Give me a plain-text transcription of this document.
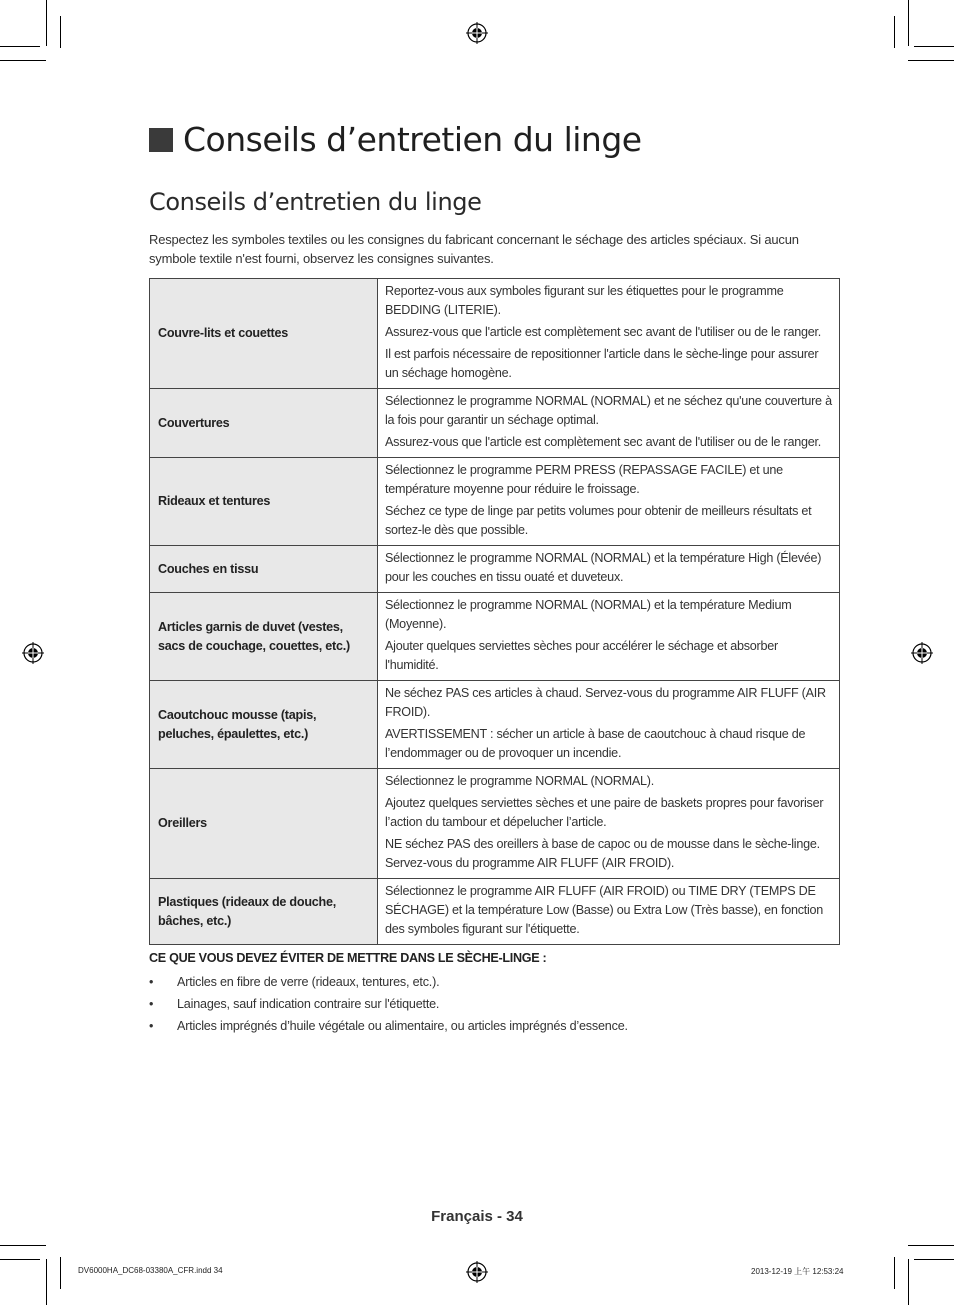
Conseils d’entretien du linge
Conseils d’entretien du linge

Respectez les symboles textiles ou les consignes du fabricant concernant le séchage des articles spéciaux. Si aucun symbole textile n'est fourni, observez les consignes suivantes.

Couvre-lits et couettes	Reportez-vous aux symboles figurant sur les étiquettes pour le programme BEDDING (LITERIE).

Assurez-vous que l'article est complètement sec avant de l'utiliser ou de le ranger.

Il est parfois nécessaire de repositionner l'article dans le sèche-linge pour assurer un séchage homogène.

Couvertures	Sélectionnez le programme NORMAL (NORMAL) et ne séchez qu'une couverture à la fois pour garantir un séchage optimal.

Assurez-vous que l'article est complètement sec avant de l'utiliser ou de le ranger.

Rideaux et tentures	Sélectionnez le programme PERM PRESS (REPASSAGE FACILE) et une température moyenne pour réduire le froissage.

Séchez ce type de linge par petits volumes pour obtenir de meilleurs résultats et sortez-le dès que possible.

Couches en tissu	Sélectionnez le programme NORMAL (NORMAL) et la température High (Élevée) pour les couches en tissu ouaté et duveteux.

Articles garnis de duvet (vestes, sacs de couchage, couettes, etc.)	Sélectionnez le programme NORMAL (NORMAL) et la température Medium (Moyenne).

Ajouter quelques serviettes sèches pour accélérer le séchage et absorber l'humidité.

Caoutchouc mousse (tapis, peluches, épaulettes, etc.)	Ne séchez PAS ces articles à chaud. Servez-vous du programme AIR FLUFF (AIR FROID).

AVERTISSEMENT : sécher un article à base de caoutchouc à chaud risque de l’endommager ou de provoquer un incendie.

Oreillers	Sélectionnez le programme NORMAL (NORMAL).

Ajoutez quelques serviettes sèches et une paire de baskets propres pour favoriser l’action du tambour et dépelucher l’article.

NE séchez PAS des oreillers à base de capoc ou de mousse dans le sèche-linge. Servez-vous du programme AIR FLUFF (AIR FROID).

Plastiques (rideaux de douche, bâches, etc.)	Sélectionnez le programme AIR FLUFF (AIR FROID) ou TIME DRY (TEMPS DE SÉCHAGE) et la température Low (Basse) ou Extra Low (Très basse), en fonction des symboles figurant sur l'étiquette.

CE QUE VOUS DEVEZ ÉVITER DE METTRE DANS LE SÈCHE-LINGE :

• Articles en fibre de verre (rideaux, tentures, etc.).
• Lainages, sauf indication contraire sur l'étiquette.
• Articles imprégnés d’huile végétale ou alimentaire, ou articles imprégnés d’essence.
Français - 34
DV6000HA_DC68-03380A_CFR.indd 34	2013-12-19 上午 12:53:24
